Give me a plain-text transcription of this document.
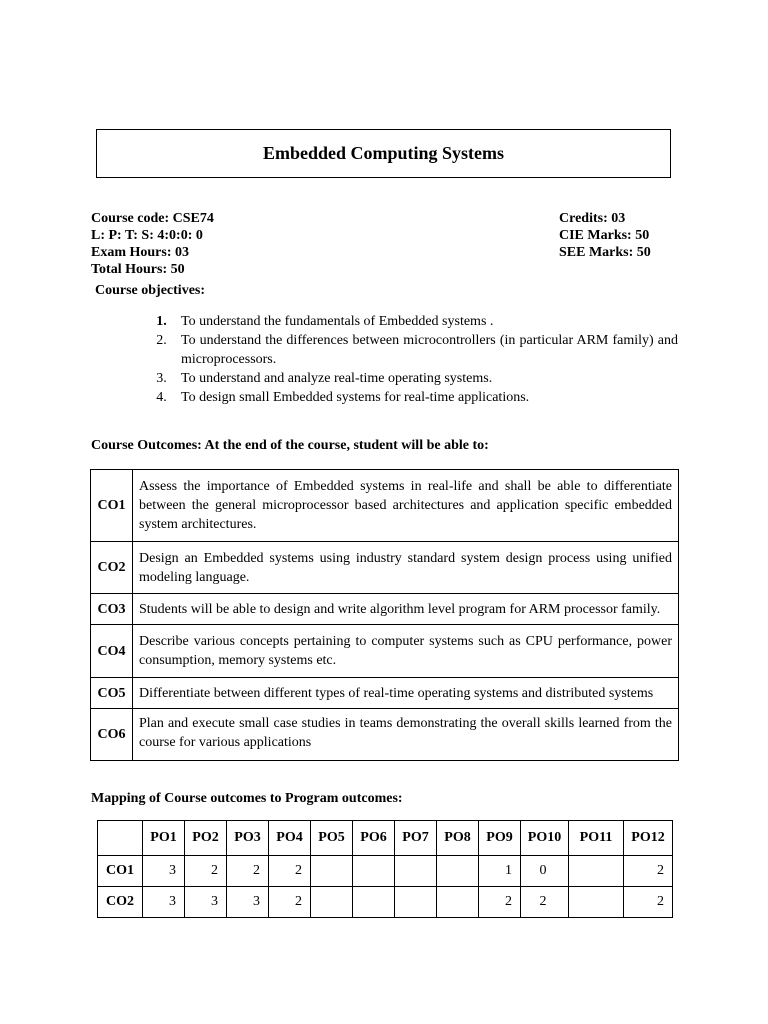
Embedded Computing Systems
Course code: CSE74
L: P: T: S: 4:0:0: 0
Exam Hours: 03
Total Hours: 50
Credits: 03
CIE Marks: 50
SEE Marks: 50
Course objectives:
1.	To understand the fundamentals of Embedded systems .
2.	To understand the differences between microcontrollers (in particular ARM family) and microprocessors.
3.	To understand and analyze real-time operating systems.
4.	To design small Embedded systems for real-time applications.
Course Outcomes: At the end of the course, student will be able to:
CO1	Assess the importance of Embedded systems in real-life and shall be able to differentiate between the general microprocessor based architectures and application specific embedded system architectures.
CO2	Design an Embedded systems using industry standard system design process using unified modeling language.
CO3	Students will be able to design and write algorithm level program for ARM processor family.
CO4	Describe various concepts pertaining to computer systems such as CPU performance, power consumption, memory systems etc.
CO5	Differentiate between different types of real-time operating systems and distributed systems
CO6	Plan and execute small case studies in teams demonstrating the overall skills learned from the course for various applications
Mapping of Course outcomes to Program outcomes:
	PO1	PO2	PO3	PO4	PO5	PO6	PO7	PO8	PO9	PO10	PO11	PO12
CO1	3	2	2	2					1	0		2
CO2	3	3	3	2					2	2		2
